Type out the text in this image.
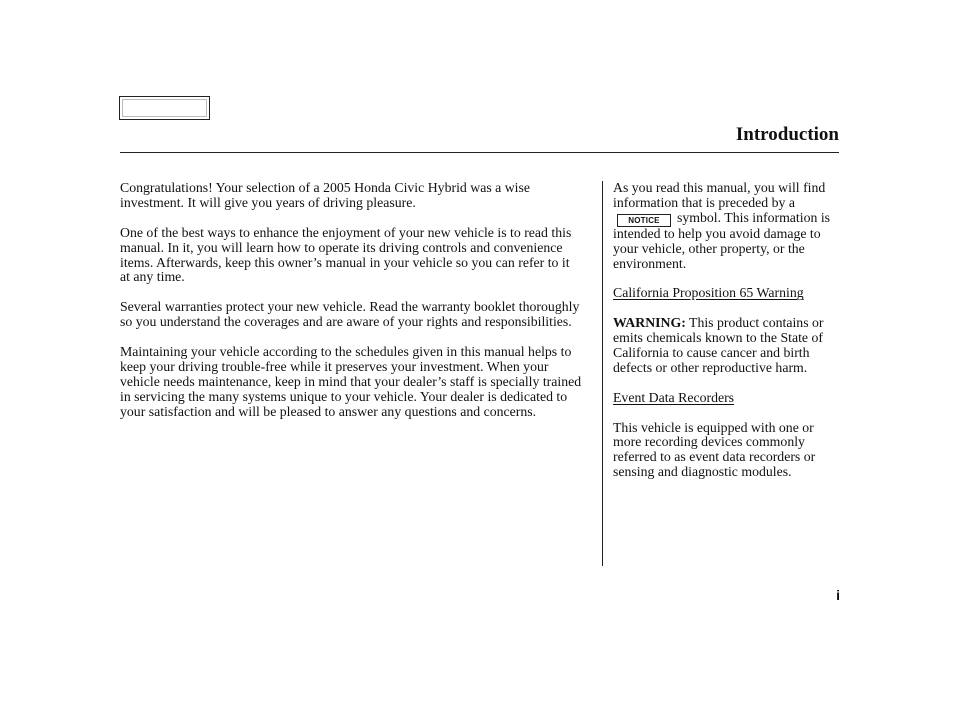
Introduction

Congratulations! Your selection of a 2005 Honda Civic Hybrid was a wise investment. It will give you years of driving pleasure.

One of the best ways to enhance the enjoyment of your new vehicle is to read this manual. In it, you will learn how to operate its driving controls and convenience items. Afterwards, keep this owner’s manual in your vehicle so you can refer to it at any time.

Several warranties protect your new vehicle. Read the warranty booklet thoroughly so you understand the coverages and are aware of your rights and responsibilities.

Maintaining your vehicle according to the schedules given in this manual helps to keep your driving trouble-free while it preserves your investment. When your vehicle needs maintenance, keep in mind that your dealer’s staff is specially trained in servicing the many systems unique to your vehicle. Your dealer is dedicated to your satisfaction and will be pleased to answer any questions and concerns.

As you read this manual, you will find information that is preceded by aNOTICE symbol. This information is intended to help you avoid damage to your vehicle, other property, or the environment.

California Proposition 65 Warning

WARNING: This product contains or emits chemicals known to the State of California to cause cancer and birth defects or other reproductive harm.

Event Data Recorders

This vehicle is equipped with one or more recording devices commonly referred to as event data recorders or sensing and diagnostic modules.

i
